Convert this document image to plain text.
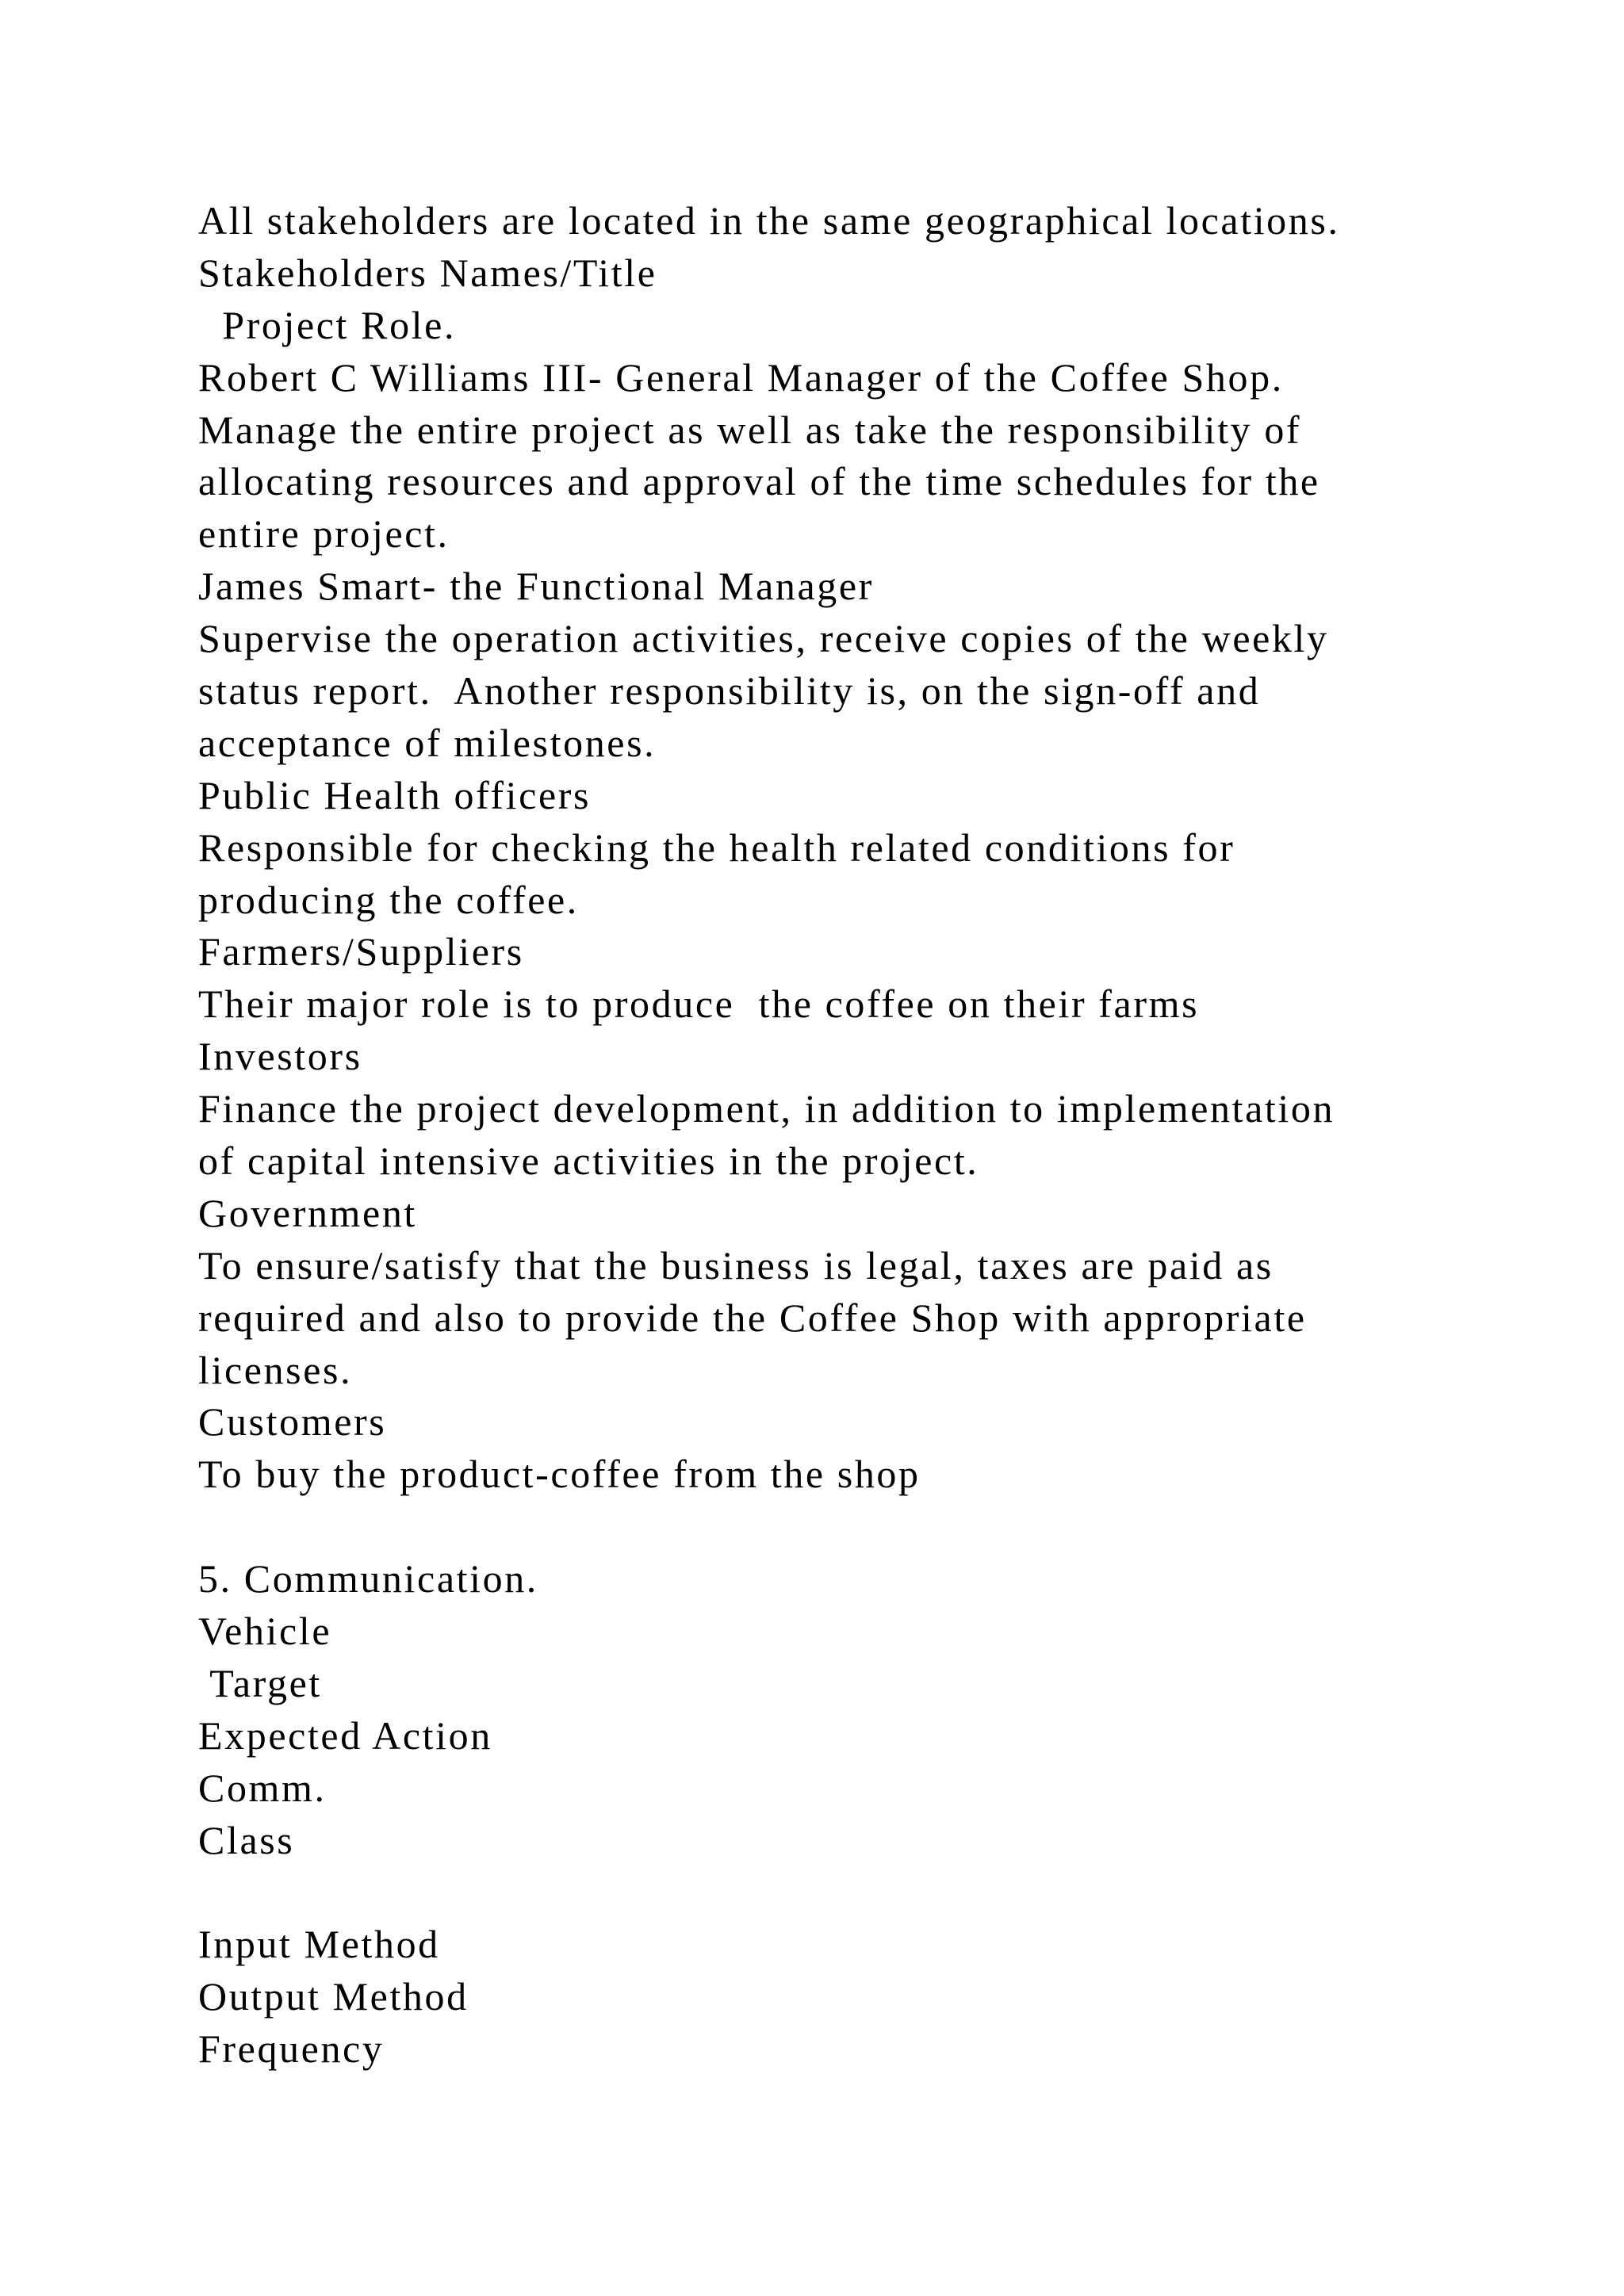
All stakeholders are located in the same geographical locations.
Stakeholders Names/Title
Project Role.
Robert C Williams III- General Manager of the Coffee Shop.
Manage the entire project as well as take the responsibility of
allocating resources and approval of the time schedules for the
entire project.
James Smart- the Functional Manager
Supervise the operation activities, receive copies of the weekly
status report.  Another responsibility is, on the sign-off and
acceptance of milestones.
Public Health officers
Responsible for checking the health related conditions for
producing the coffee.
Farmers/Suppliers
Their major role is to produce  the coffee on their farms
Investors
Finance the project development, in addition to implementation
of capital intensive activities in the project.
Government
To ensure/satisfy that the business is legal, taxes are paid as
required and also to provide the Coffee Shop with appropriate
licenses.
Customers
To buy the product-coffee from the shop
5. Communication.
Vehicle
Target
Expected Action
Comm.
Class
Input Method
Output Method
Frequency
